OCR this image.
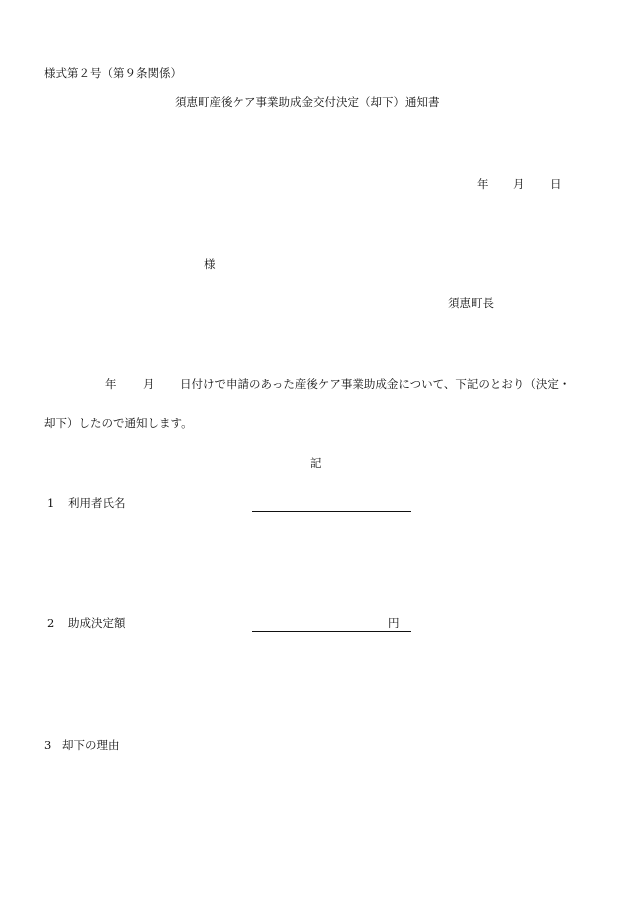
様式第２号（第９条関係）
須恵町産後ケア事業助成金交付決定（却下）通知書
年 月 日
様
須恵町長
年 月 日付けで申請のあった産後ケア事業助成金について、下記のとおり（決定・
却下）したので通知します。
記
1 利用者氏名
2 助成決定額	円
3 却下の理由
